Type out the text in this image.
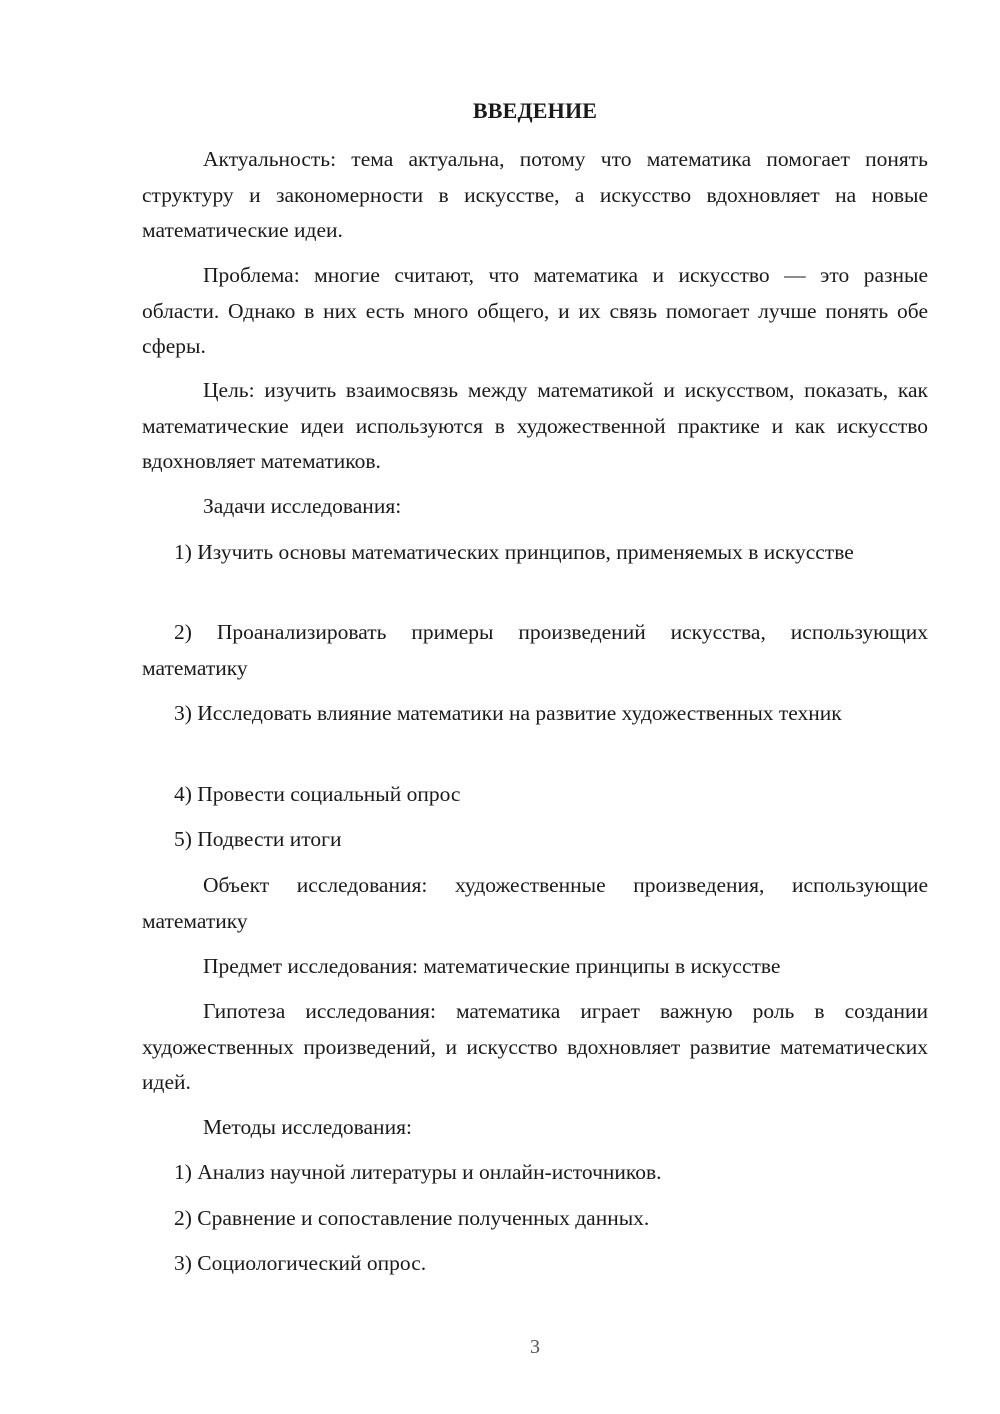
ВВЕДЕНИЕ

Актуальность: тема актуальна, потому что математика помогает понять структуру и закономерности в искусстве, а искусство вдохновляет на новые математические идеи.

Проблема: многие считают, что математика и искусство — это разные области. Однако в них есть много общего, и их связь помогает лучше понять обе сферы.

Цель: изучить взаимосвязь между математикой и искусством, показать, как математические идеи используются в художественной практике и как искусство вдохновляет математиков.

Задачи исследования:

1) Изучить основы математических принципов, применяемых в искусстве

2) Проанализировать примеры произведений искусства, использующих математику

3) Исследовать влияние математики на развитие художественных техник

4) Провести социальный опрос

5) Подвести итоги

Объект исследования: художественные произведения, использующие математику

Предмет исследования: математические принципы в искусстве

Гипотеза исследования: математика играет важную роль в создании художественных произведений, и искусство вдохновляет развитие математических идей.

Методы исследования:

1) Анализ научной литературы и онлайн-источников.

2) Сравнение и сопоставление полученных данных.

3) Социологический опрос.

3
